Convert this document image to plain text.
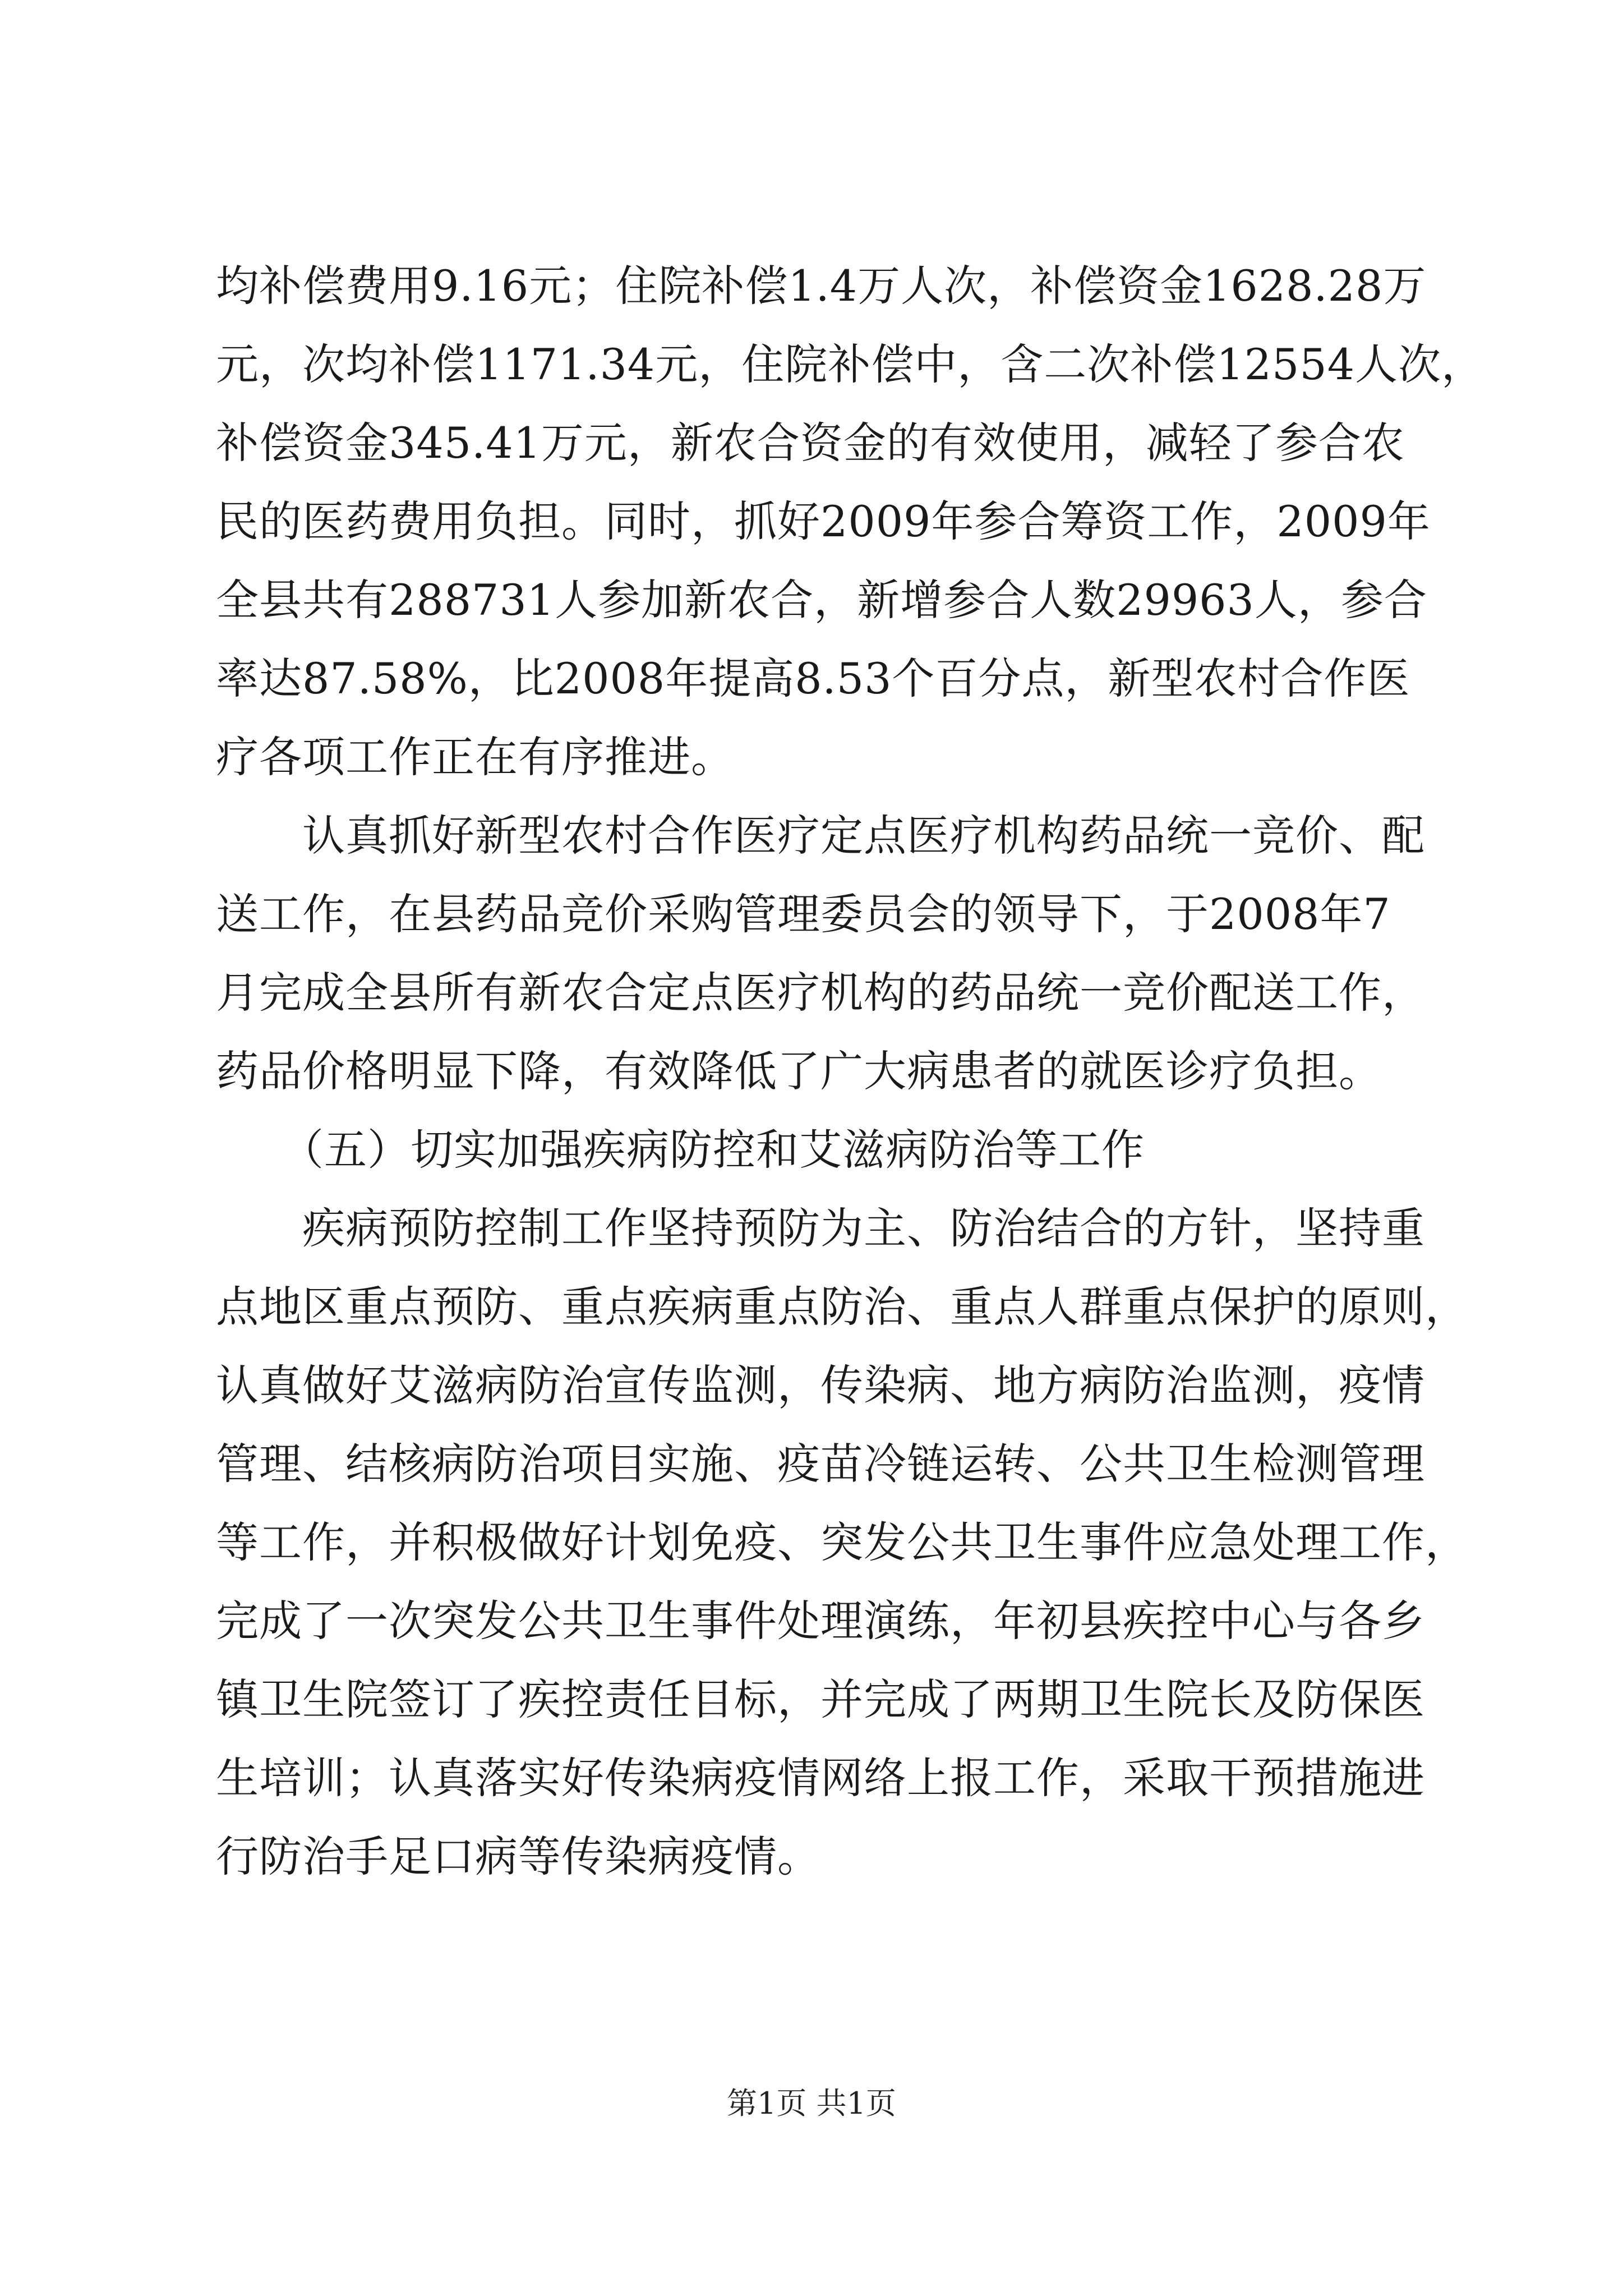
均补偿费用9.16元；住院补偿1.4万人次，补偿资金1628.28万
元，次均补偿1171.34元，住院补偿中，含二次补偿12554人次，
补偿资金345.41万元，新农合资金的有效使用，减轻了参合农
民的医药费用负担。同时，抓好2009年参合筹资工作，2009年
全县共有288731人参加新农合，新增参合人数29963人，参合
率达87.58%，比2008年提高8.53个百分点，新型农村合作医
疗各项工作正在有序推进。
　　认真抓好新型农村合作医疗定点医疗机构药品统一竞价、配
送工作，在县药品竞价采购管理委员会的领导下，于2008年7
月完成全县所有新农合定点医疗机构的药品统一竞价配送工作，
药品价格明显下降，有效降低了广大病患者的就医诊疗负担。
　　（五）切实加强疾病防控和艾滋病防治等工作
　　疾病预防控制工作坚持预防为主、防治结合的方针，坚持重
点地区重点预防、重点疾病重点防治、重点人群重点保护的原则，
认真做好艾滋病防治宣传监测，传染病、地方病防治监测，疫情
管理、结核病防治项目实施、疫苗冷链运转、公共卫生检测管理
等工作，并积极做好计划免疫、突发公共卫生事件应急处理工作，
完成了一次突发公共卫生事件处理演练，年初县疾控中心与各乡
镇卫生院签订了疾控责任目标，并完成了两期卫生院长及防保医
生培训；认真落实好传染病疫情网络上报工作，采取干预措施进
行防治手足口病等传染病疫情。
第1页 共1页
